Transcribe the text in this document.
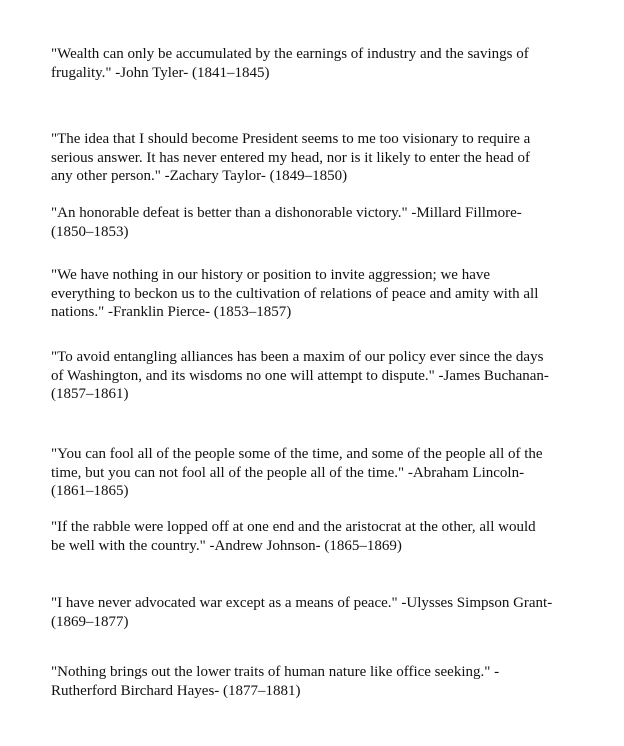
"Wealth can only be accumulated by the earnings of industry and the savings of
frugality." -John Tyler- (1841–1845)

"The idea that I should become President seems to me too visionary to require a
serious answer. It has never entered my head, nor is it likely to enter the head of
any other person." -Zachary Taylor- (1849–1850)

"An honorable defeat is better than a dishonorable victory." -Millard Fillmore-
(1850–1853)

"We have nothing in our history or position to invite aggression; we have
everything to beckon us to the cultivation of relations of peace and amity with all
nations." -Franklin Pierce- (1853–1857)

"To avoid entangling alliances has been a maxim of our policy ever since the days
of Washington, and its wisdoms no one will attempt to dispute." -James Buchanan-
(1857–1861)

"You can fool all of the people some of the time, and some of the people all of the
time, but you can not fool all of the people all of the time." -Abraham Lincoln-
(1861–1865)

"If the rabble were lopped off at one end and the aristocrat at the other, all would
be well with the country." -Andrew Johnson- (1865–1869)

"I have never advocated war except as a means of peace." -Ulysses Simpson Grant-
(1869–1877)

"Nothing brings out the lower traits of human nature like office seeking." -
Rutherford Birchard Hayes- (1877–1881)
